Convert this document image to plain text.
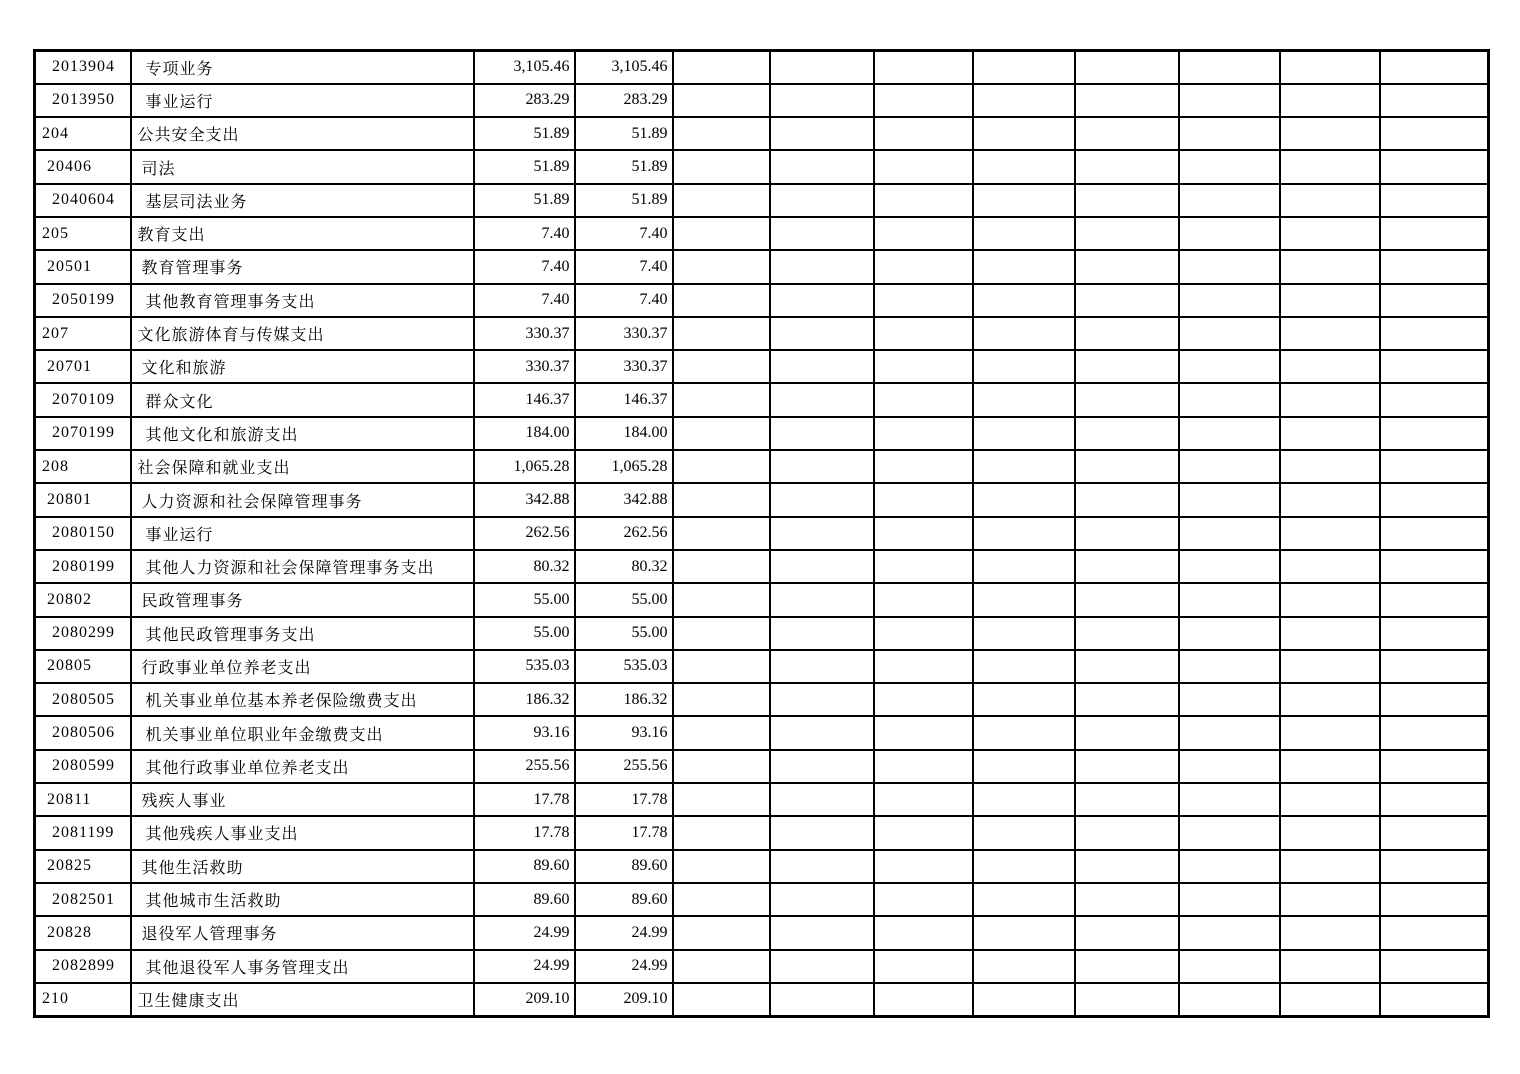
2013904	专项业务	3,105.46	3,105.46								
2013950	事业运行	283.29	283.29								
204	公共安全支出	51.89	51.89								
20406	司法	51.89	51.89								
2040604	基层司法业务	51.89	51.89								
205	教育支出	7.40	7.40								
20501	教育管理事务	7.40	7.40								
2050199	其他教育管理事务支出	7.40	7.40								
207	文化旅游体育与传媒支出	330.37	330.37								
20701	文化和旅游	330.37	330.37								
2070109	群众文化	146.37	146.37								
2070199	其他文化和旅游支出	184.00	184.00								
208	社会保障和就业支出	1,065.28	1,065.28								
20801	人力资源和社会保障管理事务	342.88	342.88								
2080150	事业运行	262.56	262.56								
2080199	其他人力资源和社会保障管理事务支出	80.32	80.32								
20802	民政管理事务	55.00	55.00								
2080299	其他民政管理事务支出	55.00	55.00								
20805	行政事业单位养老支出	535.03	535.03								
2080505	机关事业单位基本养老保险缴费支出	186.32	186.32								
2080506	机关事业单位职业年金缴费支出	93.16	93.16								
2080599	其他行政事业单位养老支出	255.56	255.56								
20811	残疾人事业	17.78	17.78								
2081199	其他残疾人事业支出	17.78	17.78								
20825	其他生活救助	89.60	89.60								
2082501	其他城市生活救助	89.60	89.60								
20828	退役军人管理事务	24.99	24.99								
2082899	其他退役军人事务管理支出	24.99	24.99								
210	卫生健康支出	209.10	209.10								
